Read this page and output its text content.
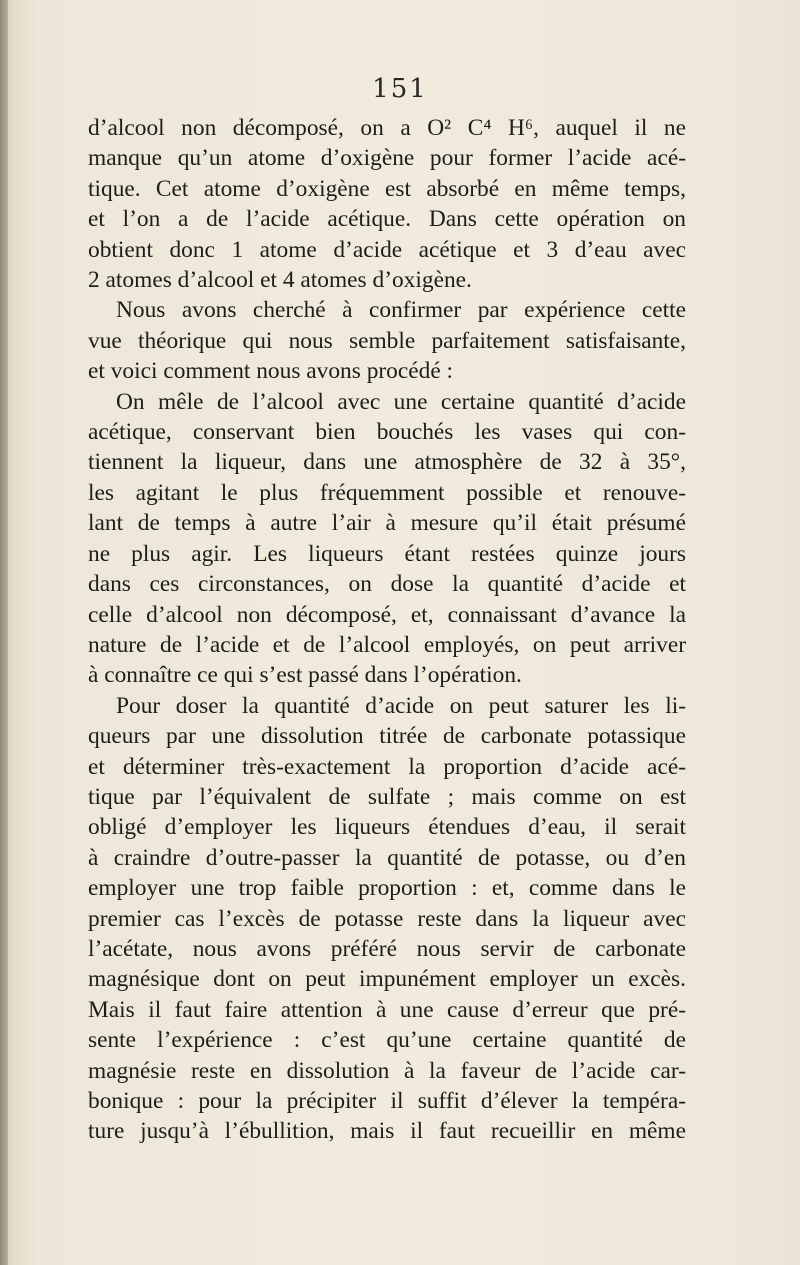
151

d’alcool non décomposé, on a O² C⁴ H⁶, auquel il ne
manque qu’un atome d’oxigène pour former l’acide acé-
tique. Cet atome d’oxigène est absorbé en même temps,
et l’on a de l’acide acétique. Dans cette opération on
obtient donc 1 atome d’acide acétique et 3 d’eau avec
2 atomes d’alcool et 4 atomes d’oxigène.

Nous avons cherché à confirmer par expérience cette
vue théorique qui nous semble parfaitement satisfaisante,
et voici comment nous avons procédé :

On mêle de l’alcool avec une certaine quantité d’acide
acétique, conservant bien bouchés les vases qui con-
tiennent la liqueur, dans une atmosphère de 32 à 35°,
les agitant le plus fréquemment possible et renouve-
lant de temps à autre l’air à mesure qu’il était présumé
ne plus agir. Les liqueurs étant restées quinze jours
dans ces circonstances, on dose la quantité d’acide et
celle d’alcool non décomposé, et, connaissant d’avance la
nature de l’acide et de l’alcool employés, on peut arriver
à connaître ce qui s’est passé dans l’opération.

Pour doser la quantité d’acide on peut saturer les li-
queurs par une dissolution titrée de carbonate potassique
et déterminer très-exactement la proportion d’acide acé-
tique par l’équivalent de sulfate ; mais comme on est
obligé d’employer les liqueurs étendues d’eau, il serait
à craindre d’outre-passer la quantité de potasse, ou d’en
employer une trop faible proportion : et, comme dans le
premier cas l’excès de potasse reste dans la liqueur avec
l’acétate, nous avons préféré nous servir de carbonate
magnésique dont on peut impunément employer un excès.
Mais il faut faire attention à une cause d’erreur que pré-
sente l’expérience : c’est qu’une certaine quantité de
magnésie reste en dissolution à la faveur de l’acide car-
bonique : pour la précipiter il suffit d’élever la tempéra-
ture jusqu’à l’ébullition, mais il faut recueillir en même
